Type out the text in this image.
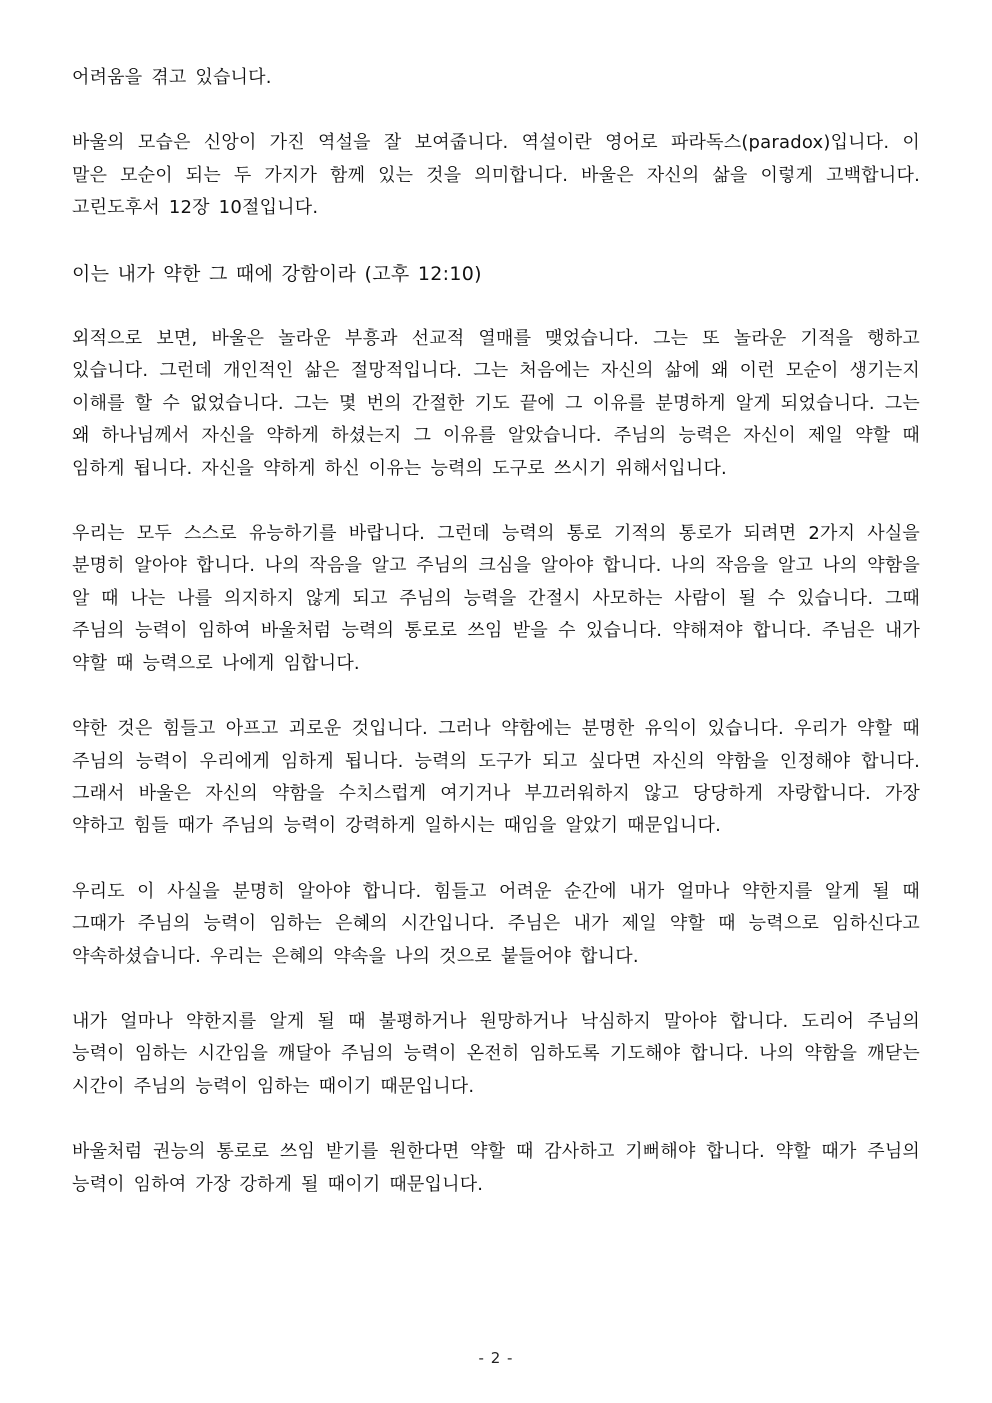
어려움을 겪고 있습니다.

바울의 모습은 신앙이 가진 역설을 잘 보여줍니다. 역설이란 영어로 파라독스(paradox)입니다. 이 말은 모순이 되는 두 가지가 함께 있는 것을 의미합니다. 바울은 자신의 삶을 이렇게 고백합니다. 고린도후서 12장 10절입니다.

이는 내가 약한 그 때에 강함이라 (고후 12:10)

외적으로 보면, 바울은 놀라운 부흥과 선교적 열매를 맺었습니다. 그는 또 놀라운 기적을 행하고 있습니다. 그런데 개인적인 삶은 절망적입니다. 그는 처음에는 자신의 삶에 왜 이런 모순이 생기는지 이해를 할 수 없었습니다. 그는 몇 번의 간절한 기도 끝에 그 이유를 분명하게 알게 되었습니다. 그는 왜 하나님께서 자신을 약하게 하셨는지 그 이유를 알았습니다. 주님의 능력은 자신이 제일 약할 때 임하게 됩니다. 자신을 약하게 하신 이유는 능력의 도구로 쓰시기 위해서입니다.

우리는 모두 스스로 유능하기를 바랍니다. 그런데 능력의 통로 기적의 통로가 되려면 2가지 사실을 분명히 알아야 합니다. 나의 작음을 알고 주님의 크심을 알아야 합니다. 나의 작음을 알고 나의 약함을 알 때 나는 나를 의지하지 않게 되고 주님의 능력을 간절시 사모하는 사람이 될 수 있습니다. 그때 주님의 능력이 임하여 바울처럼 능력의 통로로 쓰임 받을 수 있습니다. 약해져야 합니다. 주님은 내가 약할 때 능력으로 나에게 임합니다.

약한 것은 힘들고 아프고 괴로운 것입니다. 그러나 약함에는 분명한 유익이 있습니다. 우리가 약할 때 주님의 능력이 우리에게 임하게 됩니다. 능력의 도구가 되고 싶다면 자신의 약함을 인정해야 합니다. 그래서 바울은 자신의 약함을 수치스럽게 여기거나 부끄러워하지 않고 당당하게 자랑합니다. 가장 약하고 힘들 때가 주님의 능력이 강력하게 일하시는 때임을 알았기 때문입니다.

우리도 이 사실을 분명히 알아야 합니다. 힘들고 어려운 순간에 내가 얼마나 약한지를 알게 될 때 그때가 주님의 능력이 임하는 은혜의 시간입니다. 주님은 내가 제일 약할 때 능력으로 임하신다고 약속하셨습니다. 우리는 은혜의 약속을 나의 것으로 붙들어야 합니다.

내가 얼마나 약한지를 알게 될 때 불평하거나 원망하거나 낙심하지 말아야 합니다. 도리어 주님의 능력이 임하는 시간임을 깨달아 주님의 능력이 온전히 임하도록 기도해야 합니다. 나의 약함을 깨닫는 시간이 주님의 능력이 임하는 때이기 때문입니다.

바울처럼 권능의 통로로 쓰임 받기를 원한다면 약할 때 감사하고 기뻐해야 합니다. 약할 때가 주님의 능력이 임하여 가장 강하게 될 때이기 때문입니다.

- 2 -
